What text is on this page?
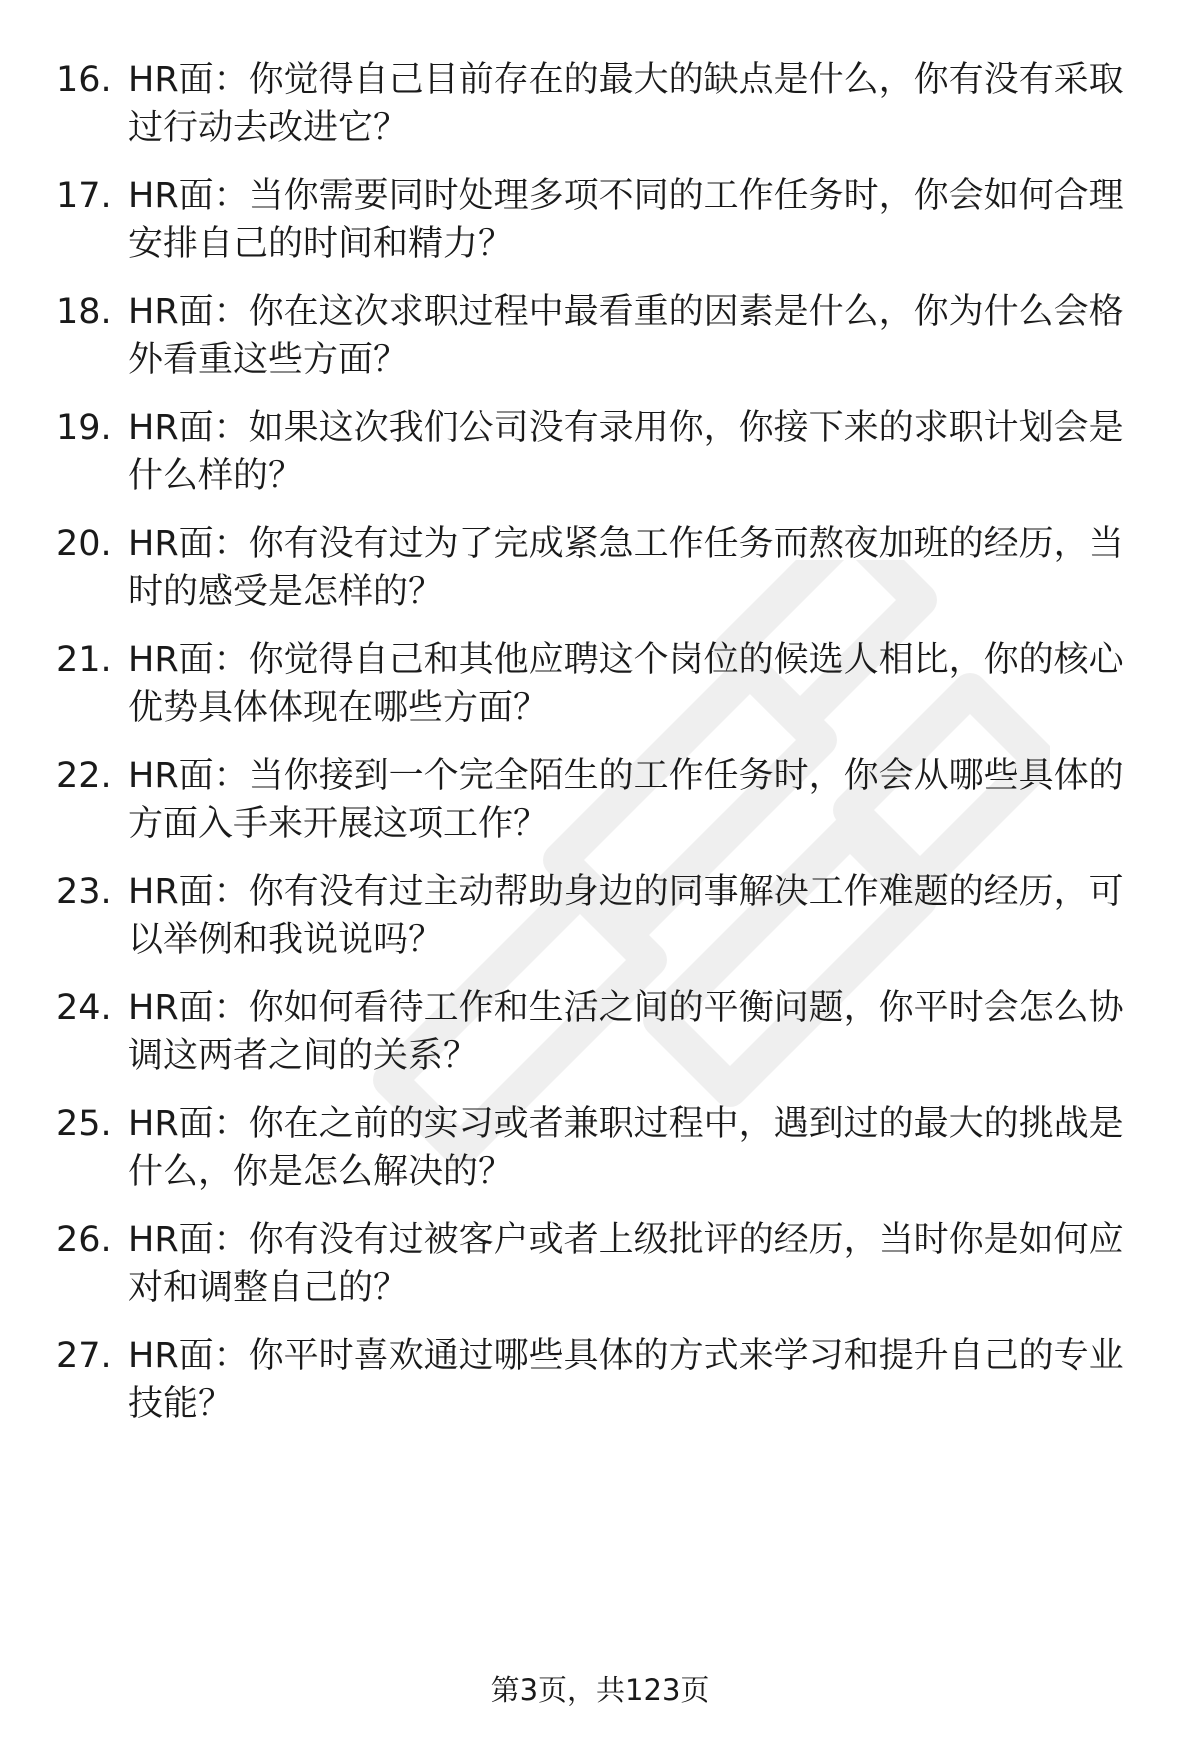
16. HR面：你觉得自己目前存在的最大的缺点是什么，你有没有采取过行动去改进它？
17. HR面：当你需要同时处理多项不同的工作任务时，你会如何合理安排自己的时间和精力？
18. HR面：你在这次求职过程中最看重的因素是什么，你为什么会格外看重这些方面？
19. HR面：如果这次我们公司没有录用你，你接下来的求职计划会是什么样的？
20. HR面：你有没有过为了完成紧急工作任务而熬夜加班的经历，当时的感受是怎样的？
21. HR面：你觉得自己和其他应聘这个岗位的候选人相比，你的核心优势具体体现在哪些方面？
22. HR面：当你接到一个完全陌生的工作任务时，你会从哪些具体的方面入手来开展这项工作？
23. HR面：你有没有过主动帮助身边的同事解决工作难题的经历，可以举例和我说说吗？
24. HR面：你如何看待工作和生活之间的平衡问题，你平时会怎么协调这两者之间的关系？
25. HR面：你在之前的实习或者兼职过程中，遇到过的最大的挑战是什么，你是怎么解决的？
26. HR面：你有没有过被客户或者上级批评的经历，当时你是如何应对和调整自己的？
27. HR面：你平时喜欢通过哪些具体的方式来学习和提升自己的专业技能？
第3页，共123页
